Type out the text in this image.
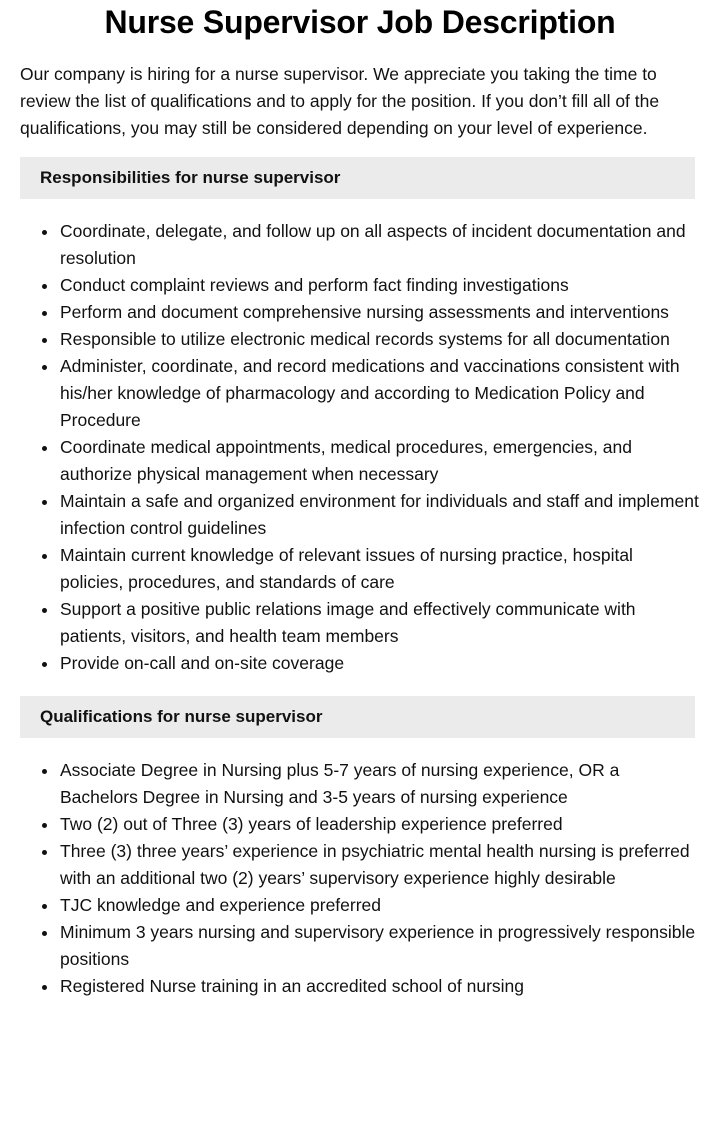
Nurse Supervisor Job Description

Our company is hiring for a nurse supervisor. We appreciate you taking the time to review the list of qualifications and to apply for the position. If you don’t fill all of the qualifications, you may still be considered depending on your level of experience.

Responsibilities for nurse supervisor
Coordinate, delegate, and follow up on all aspects of incident documentation and resolution
Conduct complaint reviews and perform fact finding investigations
Perform and document comprehensive nursing assessments and interventions
Responsible to utilize electronic medical records systems for all documentation
Administer, coordinate, and record medications and vaccinations consistent with his/her knowledge of pharmacology and according to Medication Policy and Procedure
Coordinate medical appointments, medical procedures, emergencies, and authorize physical management when necessary
Maintain a safe and organized environment for individuals and staff and implement infection control guidelines
Maintain current knowledge of relevant issues of nursing practice, hospital policies, procedures, and standards of care
Support a positive public relations image and effectively communicate with patients, visitors, and health team members
Provide on-call and on-site coverage
Qualifications for nurse supervisor
Associate Degree in Nursing plus 5-7 years of nursing experience, OR a Bachelors Degree in Nursing and 3-5 years of nursing experience
Two (2) out of Three (3) years of leadership experience preferred
Three (3) three years’ experience in psychiatric mental health nursing is preferred with an additional two (2) years’ supervisory experience highly desirable
TJC knowledge and experience preferred
Minimum 3 years nursing and supervisory experience in progressively responsible positions
Registered Nurse training in an accredited school of nursing
